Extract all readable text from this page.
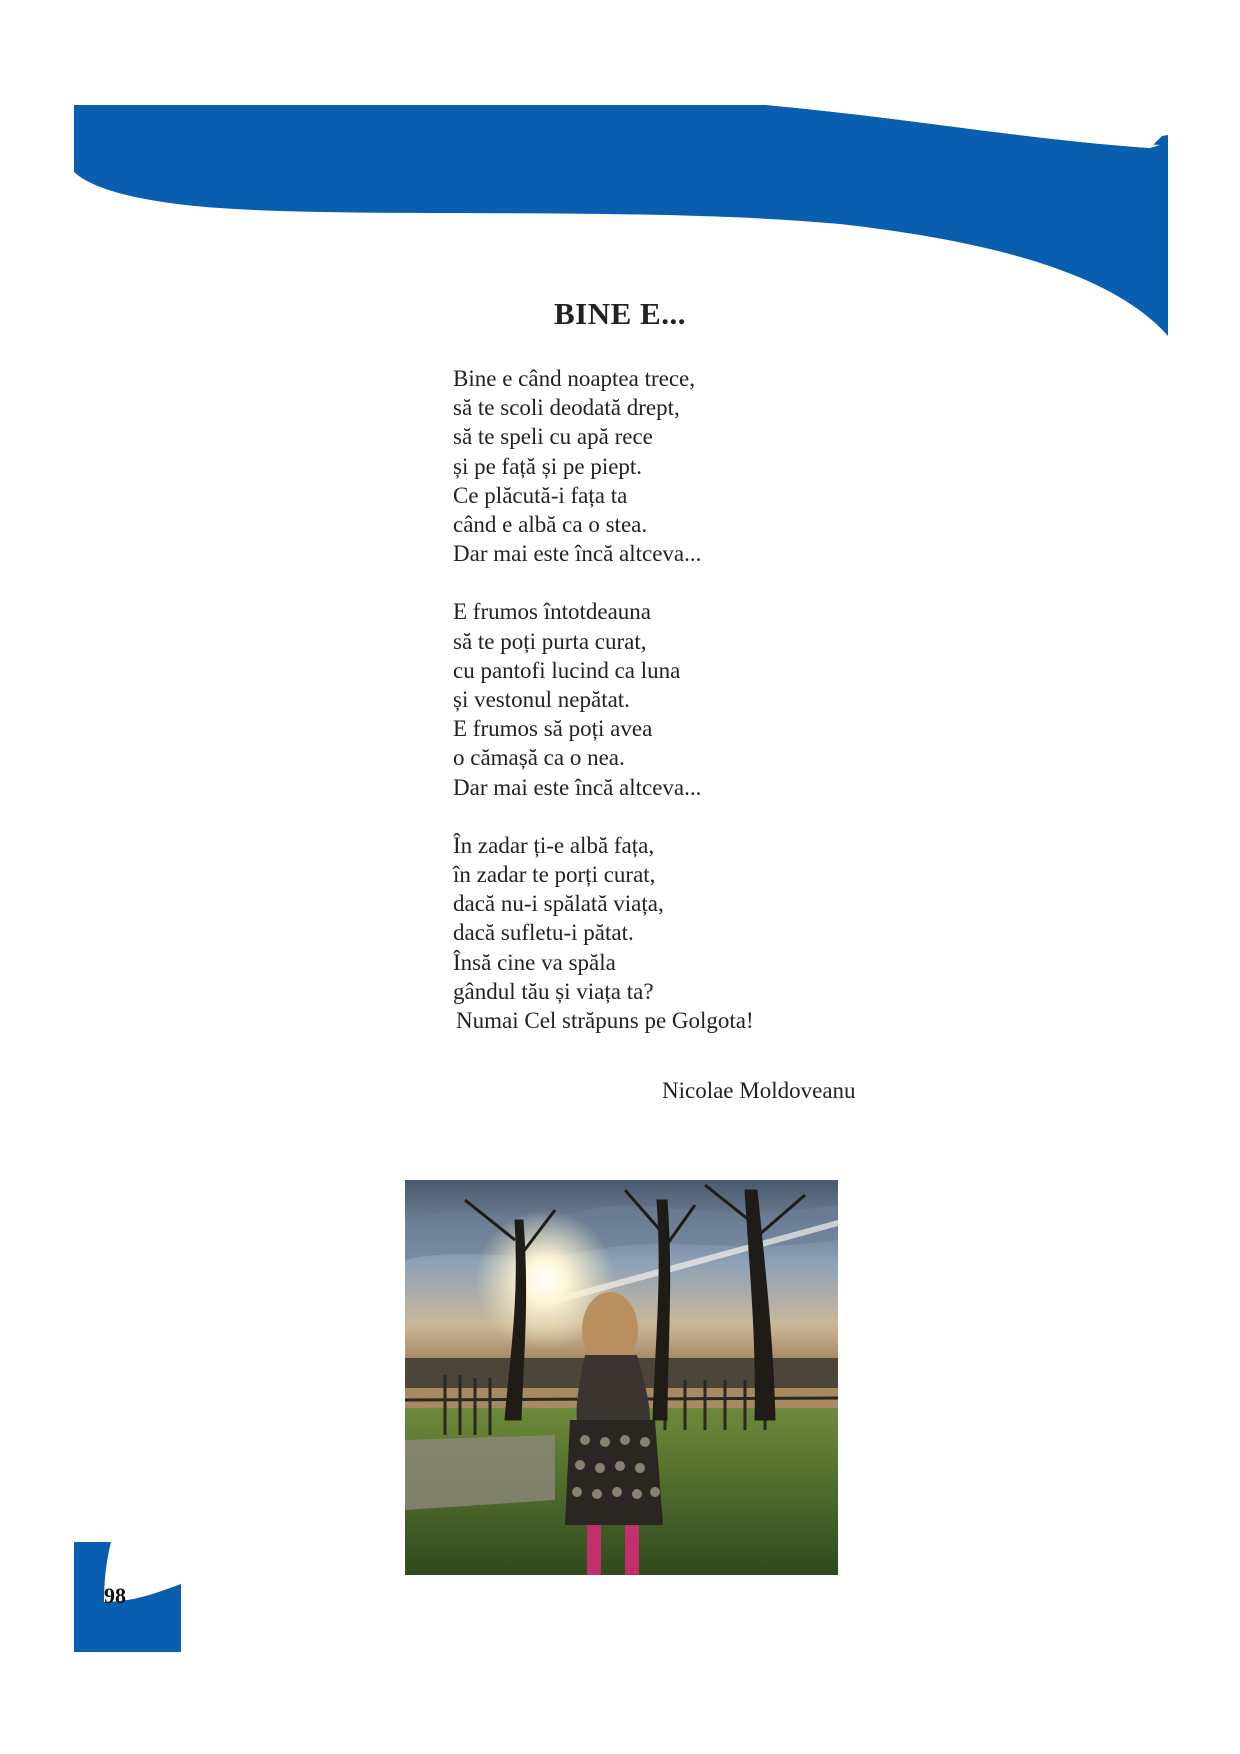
BINE E...
Bine e când noaptea trece,
să te scoli deodată drept,
să te speli cu apă rece
și pe față și pe piept.
Ce plăcută-i fața ta
când e albă ca o stea.
Dar mai este încă altceva...
E frumos întotdeauna
să te poți purta curat,
cu pantofi lucind ca luna
și vestonul nepătat.
E frumos să poți avea
o cămașă ca o nea.
Dar mai este încă altceva...
În zadar ți-e albă fața,
în zadar te porți curat,
dacă nu-i spălată viața,
dacă sufletu-i pătat.
Însă cine va spăla
gândul tău și viața ta?
Numai Cel străpuns pe Golgota!
Nicolae Moldoveanu
98
